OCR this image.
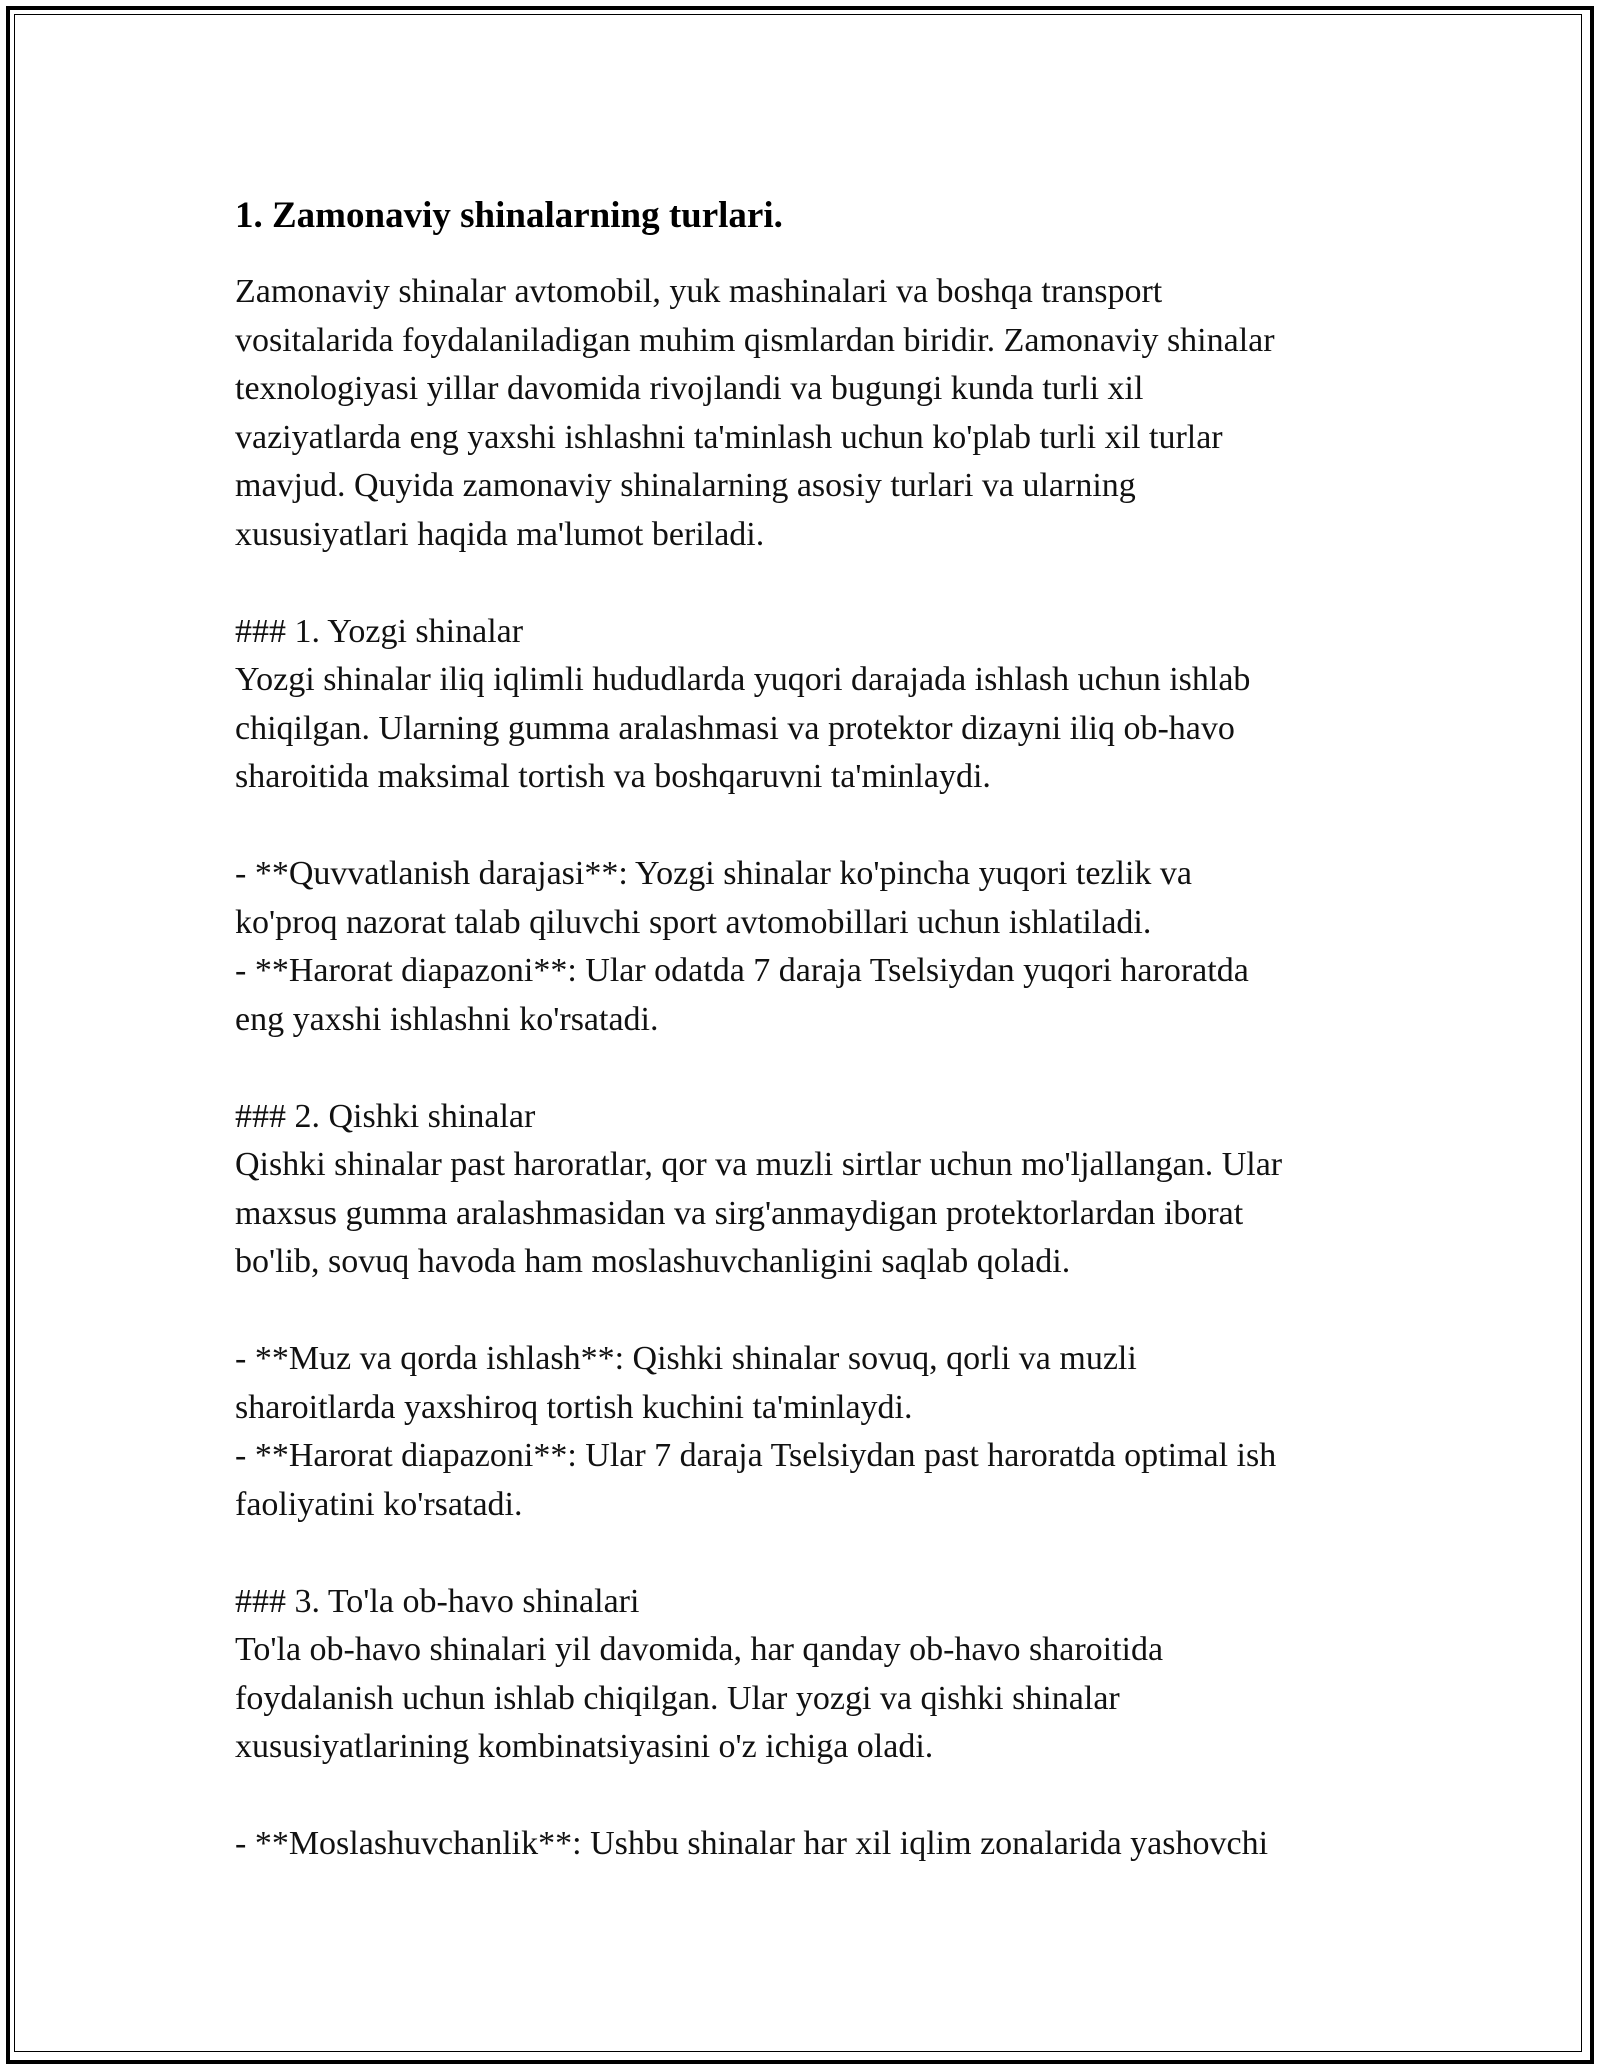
1. Zamonaviy shinalarning turlari.

Zamonaviy shinalar avtomobil, yuk mashinalari va boshqa transport

vositalarida foydalaniladigan muhim qismlardan biridir. Zamonaviy shinalar

texnologiyasi yillar davomida rivojlandi va bugungi kunda turli xil

vaziyatlarda eng yaxshi ishlashni ta'minlash uchun ko'plab turli xil turlar

mavjud. Quyida zamonaviy shinalarning asosiy turlari va ularning

xususiyatlari haqida ma'lumot beriladi.

### 1. Yozgi shinalar

Yozgi shinalar iliq iqlimli hududlarda yuqori darajada ishlash uchun ishlab

chiqilgan. Ularning gumma aralashmasi va protektor dizayni iliq ob-havo

sharoitida maksimal tortish va boshqaruvni ta'minlaydi.

- **Quvvatlanish darajasi**: Yozgi shinalar ko'pincha yuqori tezlik va

ko'proq nazorat talab qiluvchi sport avtomobillari uchun ishlatiladi.

- **Harorat diapazoni**: Ular odatda 7 daraja Tselsiydan yuqori haroratda

eng yaxshi ishlashni ko'rsatadi.

### 2. Qishki shinalar

Qishki shinalar past haroratlar, qor va muzli sirtlar uchun mo'ljallangan. Ular

maxsus gumma aralashmasidan va sirg'anmaydigan protektorlardan iborat

bo'lib, sovuq havoda ham moslashuvchanligini saqlab qoladi.

- **Muz va qorda ishlash**: Qishki shinalar sovuq, qorli va muzli

sharoitlarda yaxshiroq tortish kuchini ta'minlaydi.

- **Harorat diapazoni**: Ular 7 daraja Tselsiydan past haroratda optimal ish

faoliyatini ko'rsatadi.

### 3. To'la ob-havo shinalari

To'la ob-havo shinalari yil davomida, har qanday ob-havo sharoitida

foydalanish uchun ishlab chiqilgan. Ular yozgi va qishki shinalar

xususiyatlarining kombinatsiyasini o'z ichiga oladi.

- **Moslashuvchanlik**: Ushbu shinalar har xil iqlim zonalarida yashovchi
